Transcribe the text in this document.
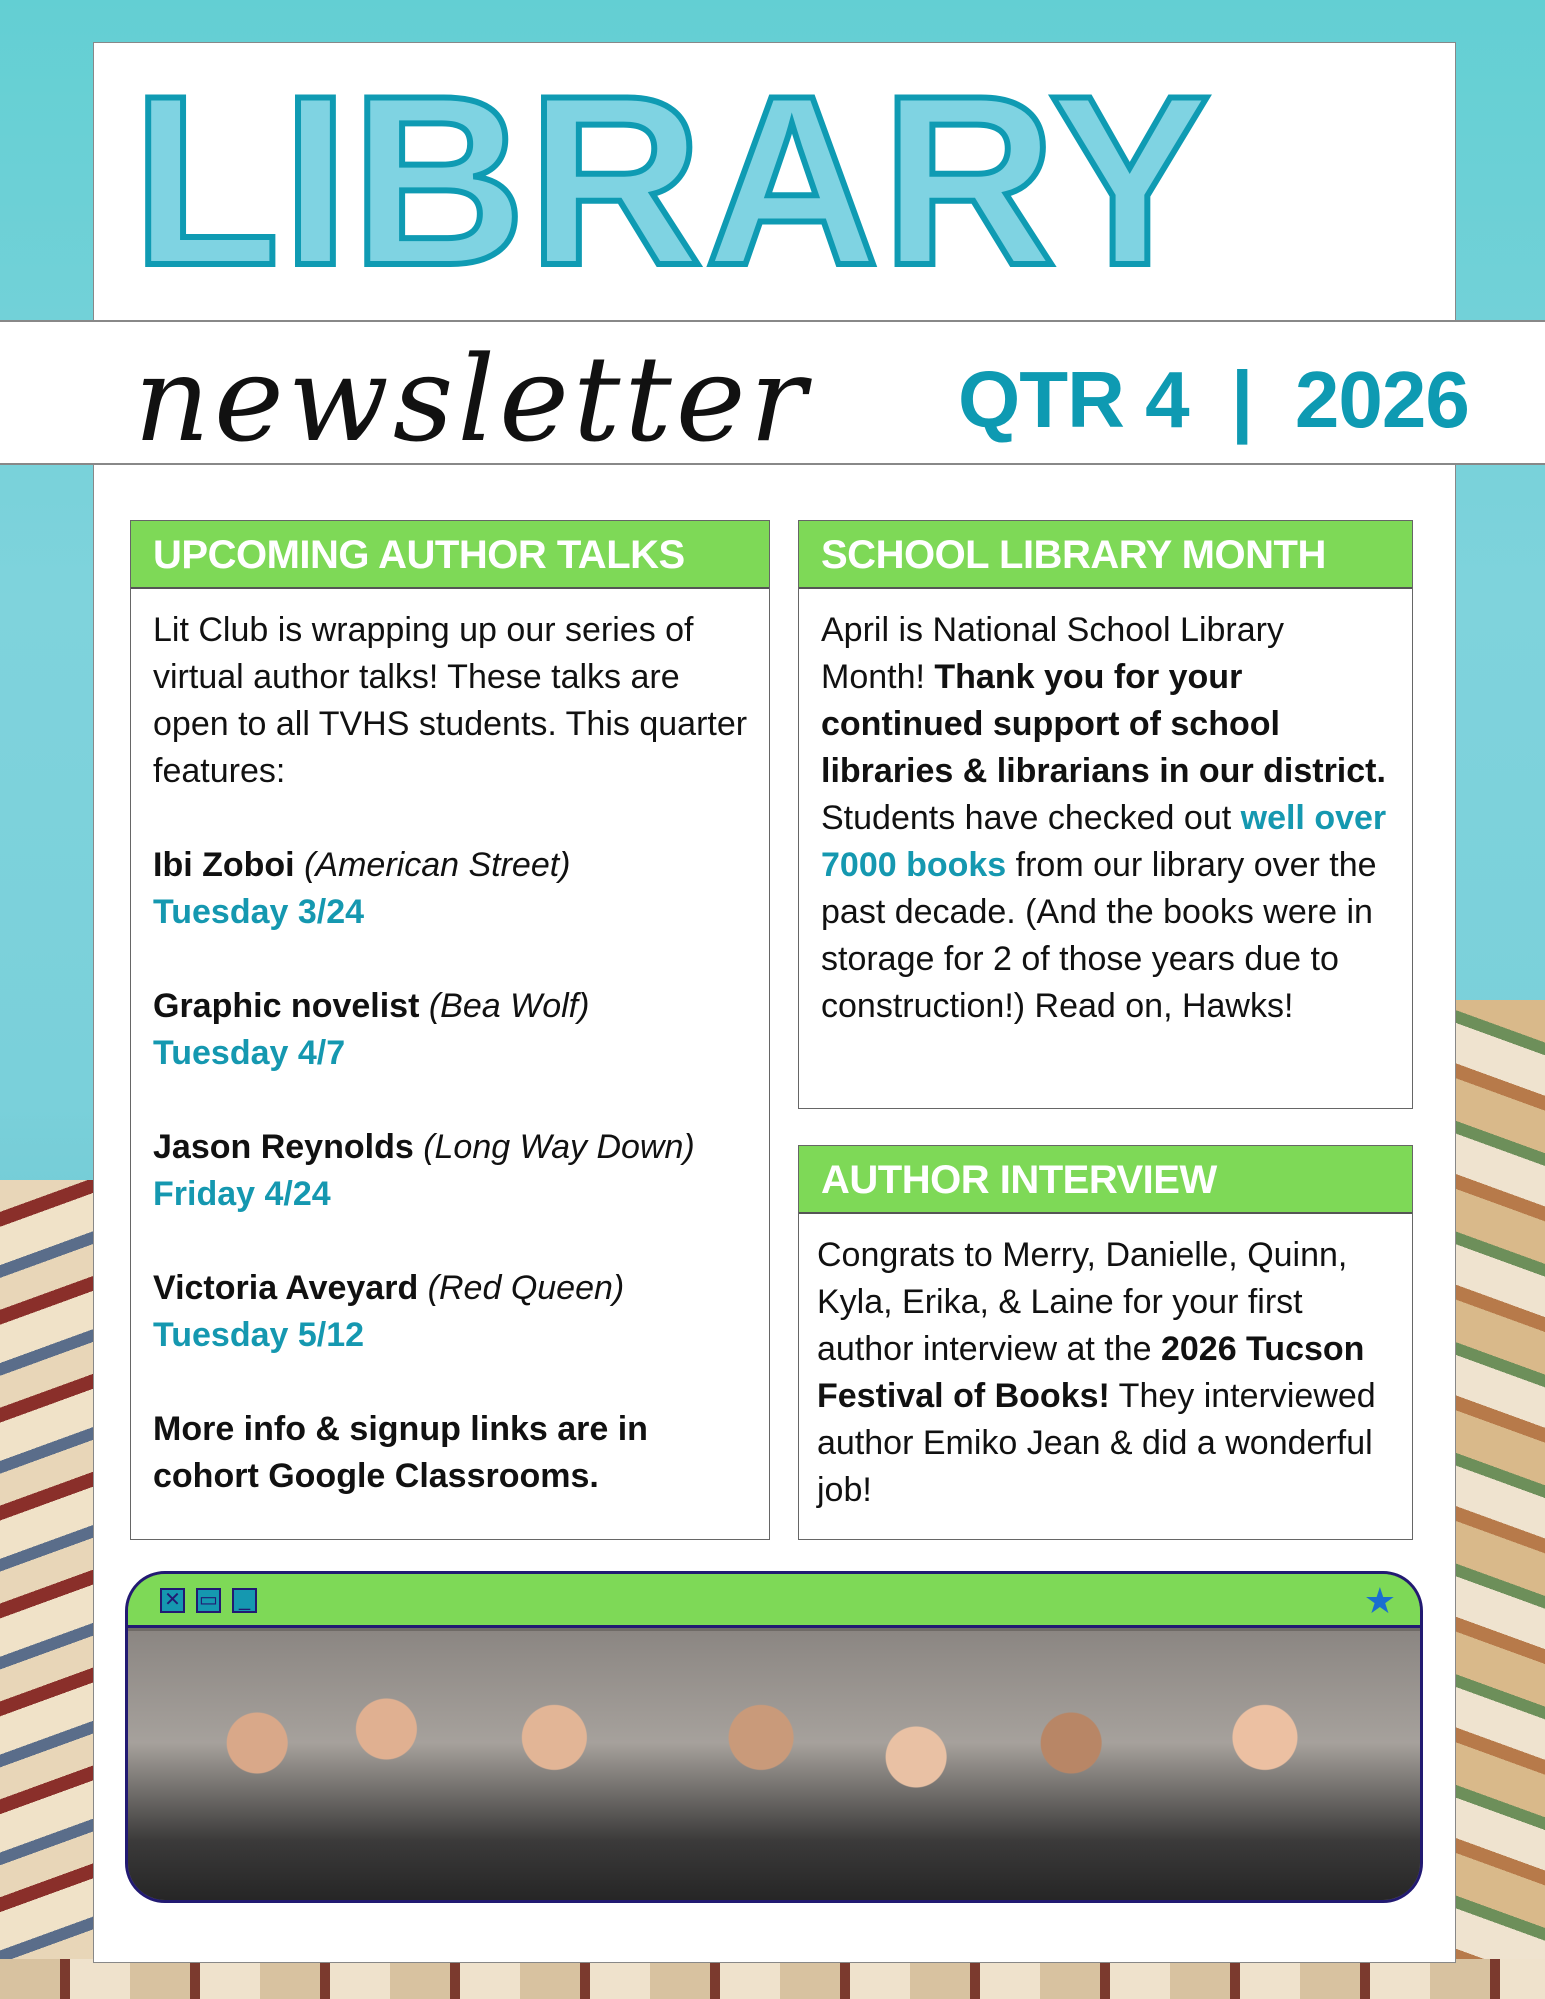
LIBRARY
newsletter QTR 4  |  2026
UPCOMING AUTHOR TALKS
Lit Club is wrapping up our series of virtual author talks! These talks are open to all TVHS students. This quarter features:
Ibi Zoboi (American Street)
Tuesday 3/24
Graphic novelist (Bea Wolf)
Tuesday 4/7
Jason Reynolds (Long Way Down)
Friday 4/24
Victoria Aveyard (Red Queen)
Tuesday 5/12
More info & signup links are in cohort Google Classrooms.
SCHOOL LIBRARY MONTH
April is National School Library Month! Thank you for your continued support of school libraries & librarians in our district. Students have checked out well over 7000 books from our library over the past decade. (And the books were in storage for 2 of those years due to construction!) Read on, Hawks!
AUTHOR INTERVIEW
Congrats to Merry, Danielle, Quinn, Kyla, Erika, & Laine for your first author interview at the 2026 Tucson Festival of Books! They interviewed author Emiko Jean & did a wonderful job!
✕ ▭	_	★
